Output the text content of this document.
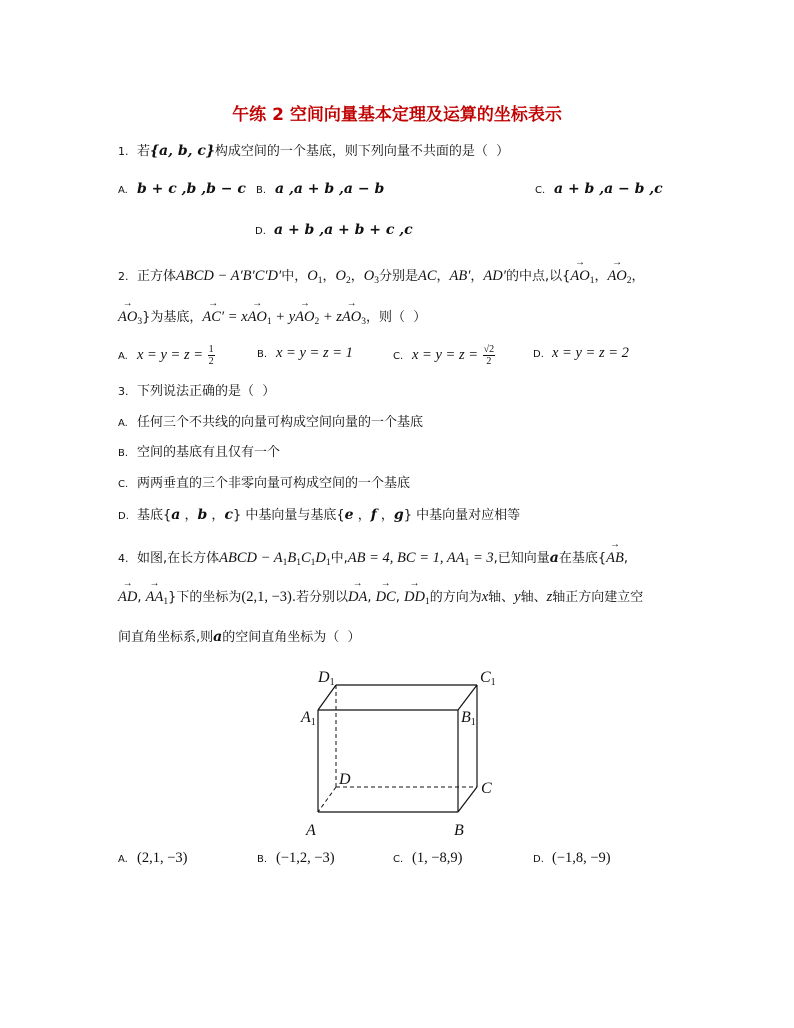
午练 2 空间向量基本定理及运算的坐标表示
1. 若{a, b, c}构成空间的一个基底，则下列向量不共面的是（  ）
A. b + c ,b ,b − c B. a ,a + b ,a − b	C. a + b ,a − b ,c
D. a + b ,a + b + c ,c
2. 正方体ABCD − A′B′C′D′中，$O_1$，$O_2$，$O_3$分别是AC，AB′，AD′的中点,以{→ $AO_1$，→ $AO_2$，
→ $AO_3$}为基底，→ $AC' = x\to AO_1 + y\to AO_2 + z\to AO_3$，则（  ）
A. $x = y = z = \frac{1}{2}$	B. x = y = z = 1	C. $x = y = z = \frac{√2}{2}$	D. x = y = z = 2
3. 下列说法正确的是（  ）
A. 任何三个不共线的向量可构成空间向量的一个基底
B. 空间的基底有且仅有一个
C. 两两垂直的三个非零向量可构成空间的一个基底
D. 基底{a ，b ，c} 中基向量与基底{e ，f ，g} 中基向量对应相等
4. 如图,在长方体ABCD − $A_1B_1C_1D_1$中,AB = 4, BC = 1, $AA_1 = 3$,已知向量a在基底{→ AB,
→ AD, → $AA_1$}下的坐标为(2,1, −3).若分别以→ DA, → DC, → $DD_1$的方向为x轴、y轴、z轴正方向建立空
间直角坐标系,则a的空间直角坐标为（  ）
D1	C1
A1	B1
D
C
A	B
A. (2,1, −3)	B. (−1,2, −3)	C. (1, −8,9)	D. (−1,8, −9)
